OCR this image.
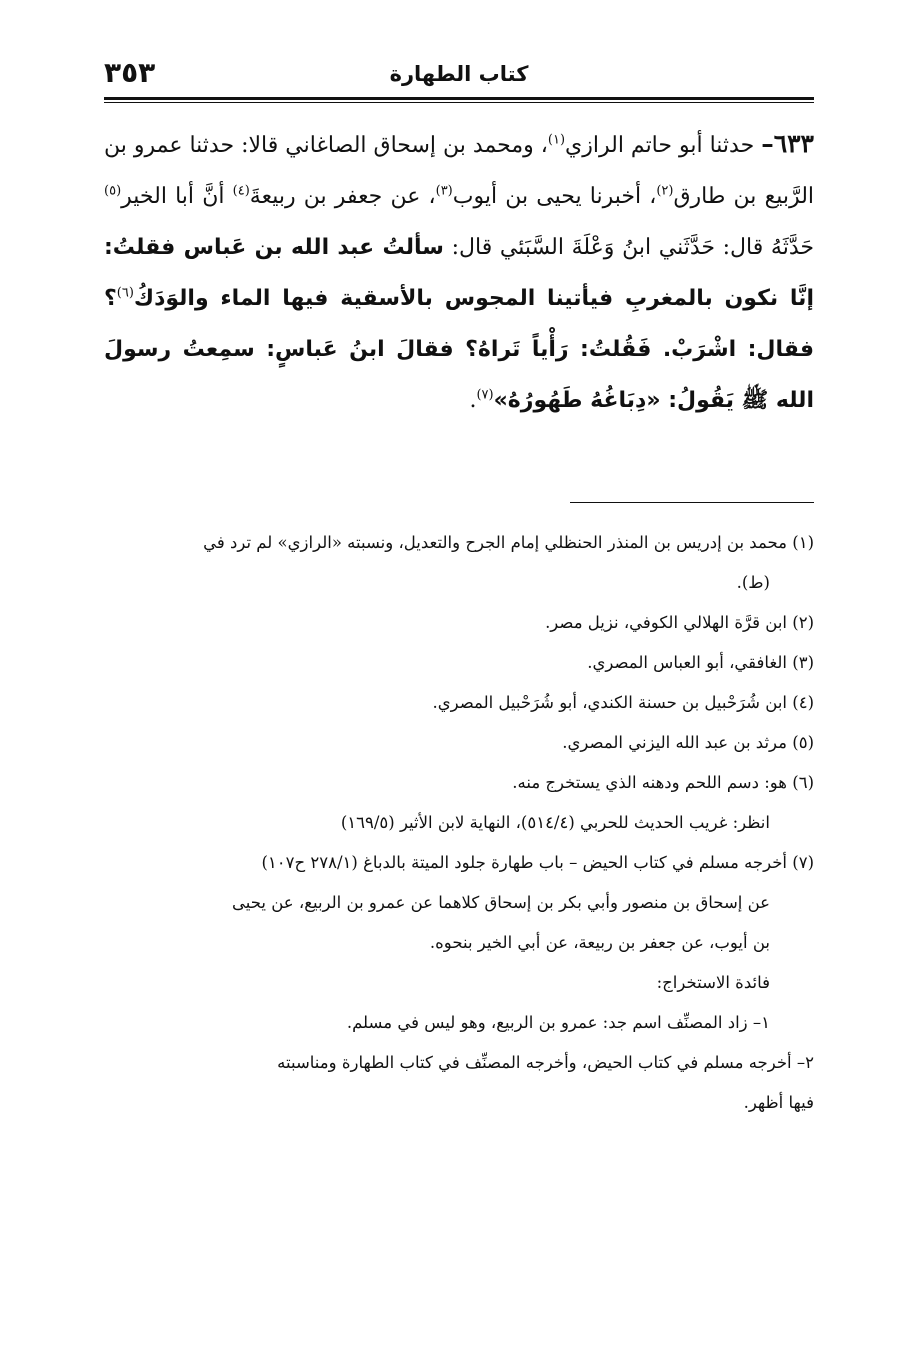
٣٥٣	كتاب الطهارة

٦٣٣– حدثنا أبو حاتم الرازي$^{(١)}$، ومحمد بن إسحاق الصاغاني قالا: حدثنا عمرو بن الرَّبيع بن طارق$^{(٢)}$، أخبرنا يحيى بن أيوب$^{(٣)}$، عن جعفر بن ربيعةَ$^{(٤)}$ أنَّ أبا الخير$^{(٥)}$ حَدَّثَهُ قال: حَدَّثَني ابنُ وَعْلَةَ السَّبَئي قال: سألتُ عبد الله بن عَباس فقلتُ: إنَّا نكون بالمغربِ فيأتينا المجوس بالأسقية فيها الماء والوَدَكُ$^{(٦)}$؟ فقال: اشْرَبْ. فَقُلتُ: رَأْياً تَراهُ؟ فقالَ ابنُ عَباسٍ: سمِعتُ رسولَ الله ﷺ يَقُولُ: «دِبَاغُهُ طَهُورُهُ»$^{(٧)}$.

(١) محمد بن إدريس بن المنذر الحنظلي إمام الجرح والتعديل، ونسبته «الرازي» لم ترد في

(ط).

(٢) ابن قرَّة الهلالي الكوفي، نزيل مصر.

(٣) الغافقي، أبو العباس المصري.

(٤) ابن شُرَحْبيل بن حسنة الكندي، أبو شُرَحْبيل المصري.

(٥) مرثد بن عبد الله اليزني المصري.

(٦) هو: دسم اللحم ودهنه الذي يستخرج منه.

انظر: غريب الحديث للحربي (٥١٤/٤)، النهاية لابن الأثير (١٦٩/٥)

(٧) أخرجه مسلم في كتاب الحيض – باب طهارة جلود الميتة بالدباغ (٢٧٨/١ ح١٠٧)

عن إسحاق بن منصور وأبي بكر بن إسحاق كلاهما عن عمرو بن الربيع، عن يحيى

بن أيوب، عن جعفر بن ربيعة، عن أبي الخير بنحوه.

فائدة الاستخراج:

١– زاد المصنِّف اسم جد: عمرو بن الربيع، وهو ليس في مسلم.

٢– أخرجه مسلم في كتاب الحيض، وأخرجه المصنِّف في كتاب الطهارة ومناسبته

فيها أظهر.
